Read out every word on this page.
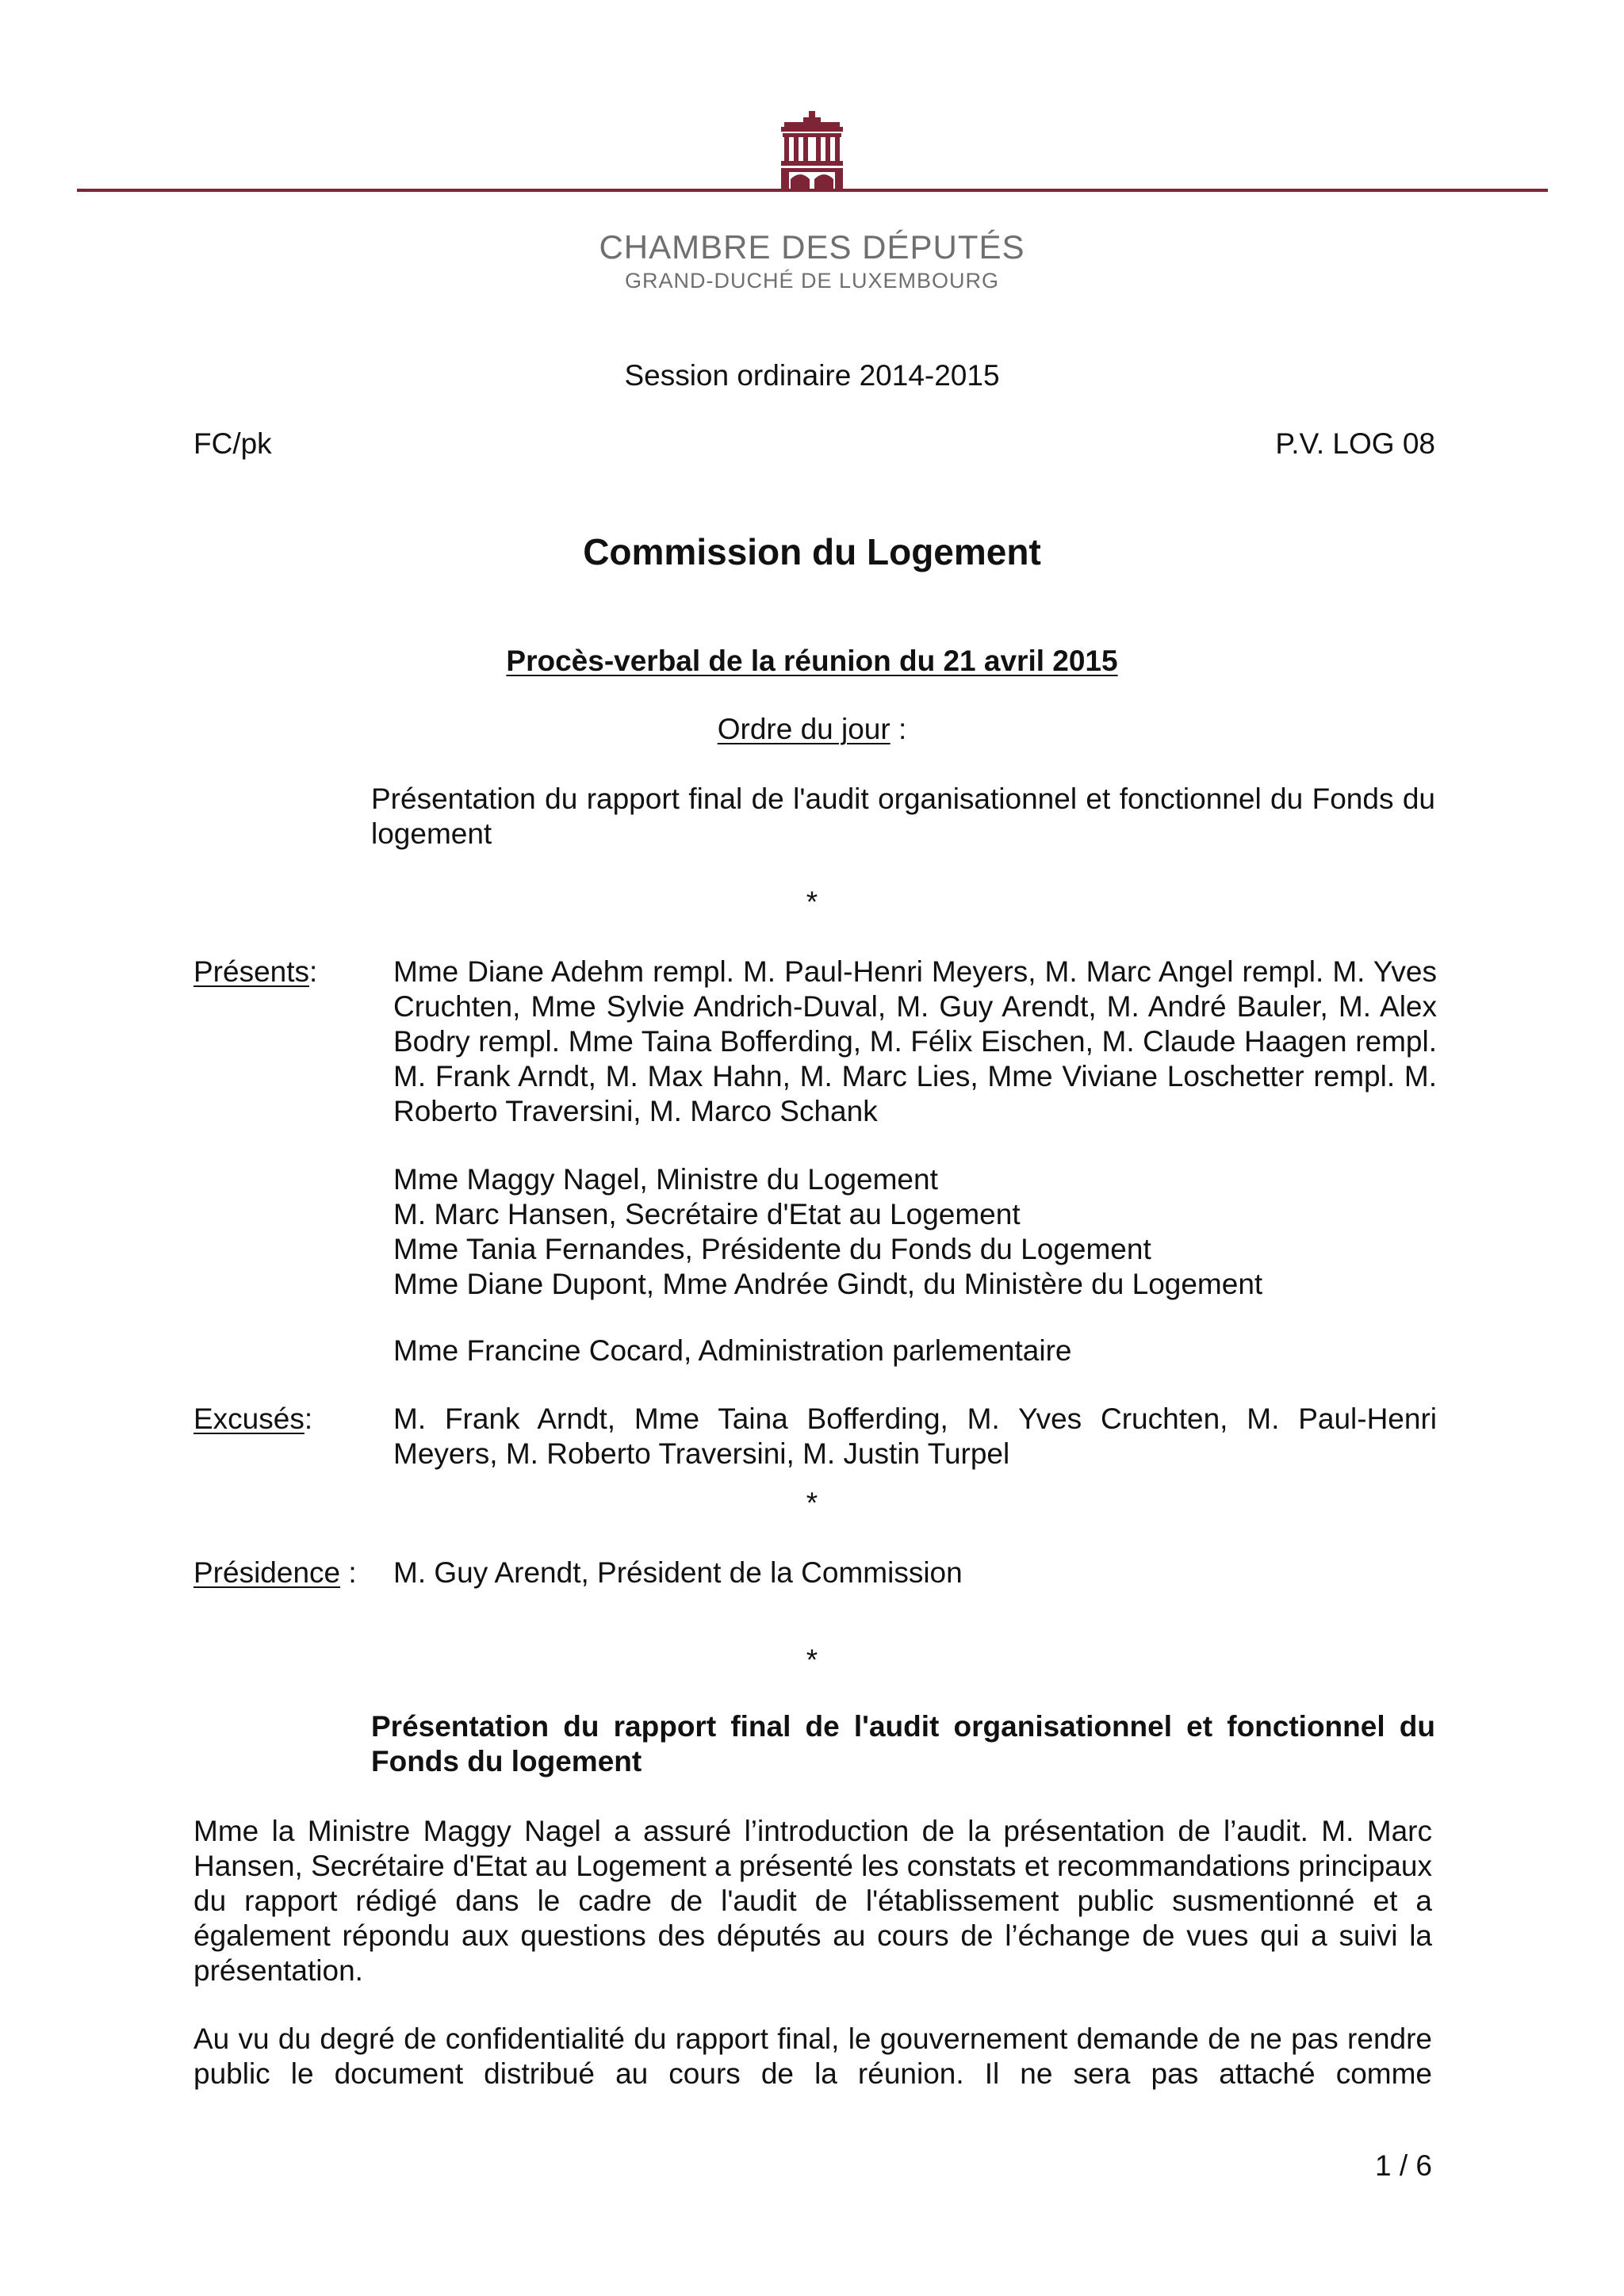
CHAMBRE DES DÉPUTÉS
GRAND-DUCHÉ DE LUXEMBOURG
Session ordinaire 2014-2015
FC/pk	P.V. LOG 08
Commission du Logement
Procès-verbal de la réunion du 21 avril 2015
Ordre du jour :
Présentation du rapport final de l'audit organisationnel et fonctionnel du Fonds du logement
*
Présents:	Mme Diane Adehm rempl. M. Paul-Henri Meyers, M. Marc Angel rempl. M. Yves Cruchten, Mme Sylvie Andrich-Duval, M. Guy Arendt, M. André Bauler, M. Alex Bodry rempl. Mme Taina Bofferding, M. Félix Eischen, M. Claude Haagen rempl. M. Frank Arndt, M. Max Hahn, M. Marc Lies, Mme Viviane Loschetter rempl. M. Roberto Traversini, M. Marco Schank
Mme Maggy Nagel, Ministre du Logement
M. Marc Hansen, Secrétaire d'Etat au Logement
Mme Tania Fernandes, Présidente du Fonds du Logement
Mme Diane Dupont, Mme Andrée Gindt, du Ministère du Logement
Mme Francine Cocard, Administration parlementaire
Excusés:	M. Frank Arndt, Mme Taina Bofferding, M. Yves Cruchten, M. Paul-Henri Meyers, M. Roberto Traversini, M. Justin Turpel
*
Présidence : M. Guy Arendt, Président de la Commission
*
Présentation du rapport final de l'audit organisationnel et fonctionnel du Fonds du logement

Mme la Ministre Maggy Nagel a assuré l’introduction de la présentation de l’audit. M. Marc Hansen, Secrétaire d'Etat au Logement a présenté les constats et recommandations principaux du rapport rédigé dans le cadre de l'audit de l'établissement public susmentionné et a également répondu aux questions des députés au cours de l’échange de vues qui a suivi la présentation.

Au vu du degré de confidentialité du rapport final, le gouvernement demande de ne pas rendre public le document distribué au cours de la réunion. Il ne sera pas attaché comme

1 / 6
